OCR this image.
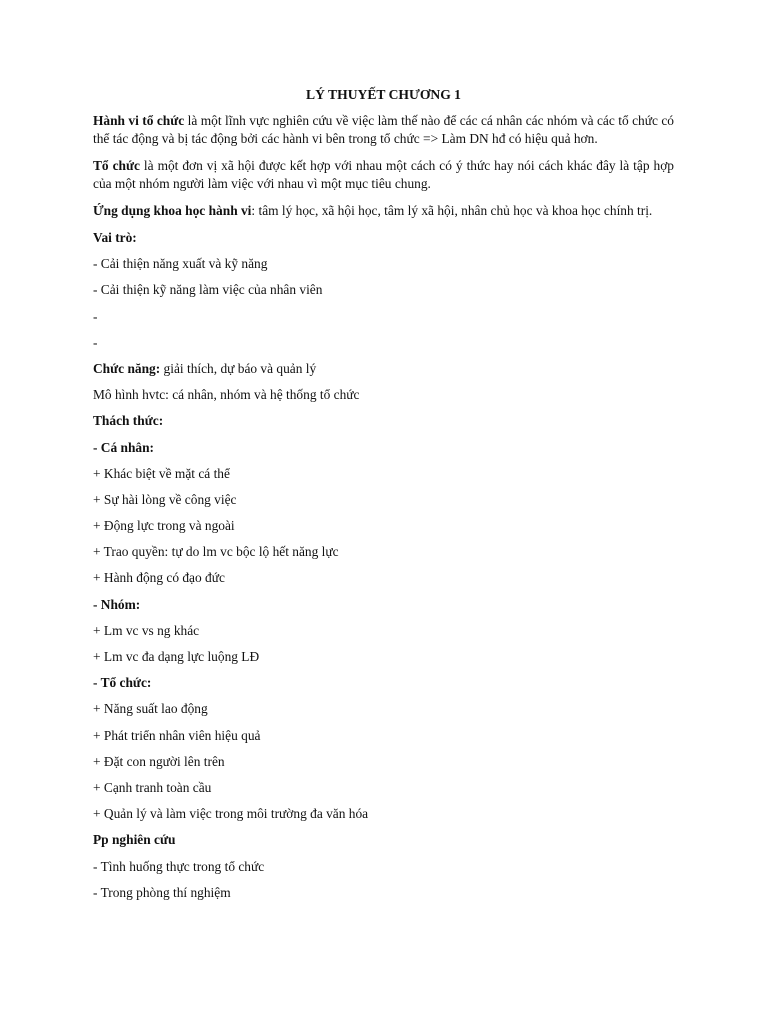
LÝ THUYẾT CHƯƠNG 1
Hành vi tổ chức là một lĩnh vực nghiên cứu về việc làm thế nào để các cá nhân các nhóm và các tổ chức có thể tác động và bị tác động bởi các hành vi bên trong tổ chức => Làm DN hđ có hiệu quả hơn.
Tổ chức là một đơn vị xã hội được kết hợp với nhau một cách có ý thức hay nói cách khác đây là tập hợp của một nhóm người làm việc với nhau vì một mục tiêu chung.
Ứng dụng khoa học hành vi: tâm lý học, xã hội học, tâm lý xã hội, nhân chủ học và khoa học chính trị.
Vai trò:
- Cải thiện năng xuất và kỹ năng
- Cải thiện kỹ năng làm việc của nhân viên
-
-
Chức năng: giải thích, dự báo và quản lý
Mô hình hvtc: cá nhân, nhóm và hệ thống tổ chức
Thách thức:
- Cá nhân:
+ Khác biệt về mặt cá thể
+ Sự hài lòng về công việc
+ Động lực trong và ngoài
+ Trao quyền: tự do lm vc bộc lộ hết năng lực
+ Hành động có đạo đức
- Nhóm:
+ Lm vc vs ng khác
+ Lm vc đa dạng lực luộng LĐ
- Tổ chức:
+ Năng suất lao động
+ Phát triển nhân viên hiệu quả
+ Đặt con người lên trên
+ Cạnh tranh toàn cầu
+ Quản lý và làm việc trong môi trường đa văn hóa
Pp nghiên cứu
- Tình huống thực trong tổ chức
- Trong phòng thí nghiệm
